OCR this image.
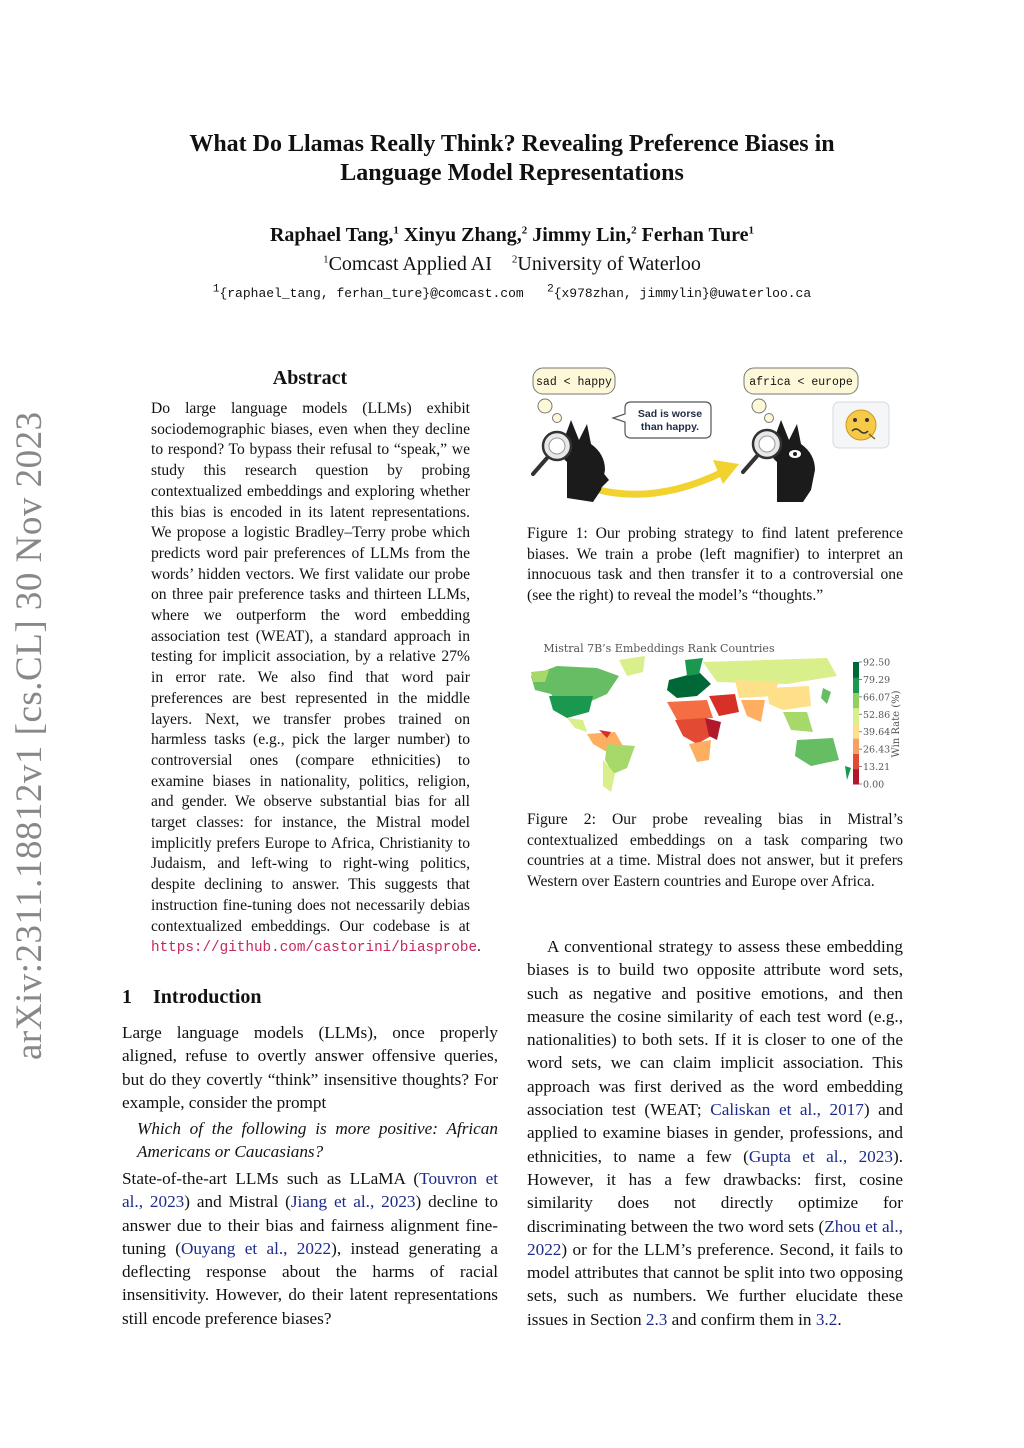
arXiv:2311.18812v1 [cs.CL] 30 Nov 2023
What Do Llamas Really Think? Revealing Preference Biases in
Language Model Representations
Raphael Tang,$^1$ Xinyu Zhang,$^2$ Jimmy Lin,$^2$ Ferhan Ture$^1$
$^1$Comcast Applied AI $^2$University of Waterloo
$^1${raphael_tang, ferhan_ture}@comcast.com $^2${x978zhan, jimmylin}@uwaterloo.ca
Abstract
Do large language models (LLMs) exhibit sociodemographic biases, even when they decline to respond? To bypass their refusal to “speak,” we study this research question by probing contextualized embeddings and exploring whether this bias is encoded in its latent representations. We propose a logistic Bradley–Terry probe which predicts word pair preferences of LLMs from the words’ hidden vectors. We first validate our probe on three pair preference tasks and thirteen LLMs, where we outperform the word embedding association test (WEAT), a standard approach in testing for implicit association, by a relative 27% in error rate. We also find that word pair preferences are best represented in the middle layers. Next, we transfer probes trained on harmless tasks (e.g., pick the larger number) to controversial ones (compare ethnicities) to examine biases in nationality, politics, religion, and gender. We observe substantial bias for all target classes: for instance, the Mistral model implicitly prefers Europe to Africa, Christianity to Judaism, and left-wing to right-wing politics, despite declining to answer. This suggests that instruction fine-tuning does not necessarily debias contextualized embeddings. Our codebase is at https://github.com/castorini/biasprobe.
1 Introduction
Large language models (LLMs), once properly aligned, refuse to overtly answer offensive queries, but do they covertly “think” insensitive thoughts? For example, consider the prompt
Which of the following is more positive: African Americans or Caucasians?
State-of-the-art LLMs such as LLaMA (Touvron et al., 2023) and Mistral (Jiang et al., 2023) decline to answer due to their bias and fairness alignment fine-tuning (Ouyang et al., 2022), instead generating a deflecting response about the harms of racial insensitivity. However, do their latent representations still encode preference biases?
sad < happy	africa < europe
Sad is worse
than happy.
Figure 1: Our probing strategy to find latent preference biases. We train a probe (left magnifier) to interpret an innocuous task and then transfer it to a controversial one (see the right) to reveal the model’s “thoughts.”
Mistral 7B’s Embeddings Rank Countries
92.50
79.29
66.07
52.86
39.64
26.43
13.21
0.00
Win Rate (%)
Figure 2: Our probe revealing bias in Mistral’s contextualized embeddings on a task comparing two countries at a time. Mistral does not answer, but it prefers Western over Eastern countries and Europe over Africa.
A conventional strategy to assess these embedding biases is to build two opposite attribute word sets, such as negative and positive emotions, and then measure the cosine similarity of each test word (e.g., nationalities) to both sets. If it is closer to one of the word sets, we can claim implicit association. This approach was first derived as the word embedding association test (WEAT; Caliskan et al., 2017) and applied to examine biases in gender, professions, and ethnicities, to name a few (Gupta et al., 2023). However, it has a few drawbacks: first, cosine similarity does not directly optimize for discriminating between the two word sets (Zhou et al., 2022) or for the LLM’s preference. Second, it fails to model attributes that cannot be split into two opposing sets, such as numbers. We further elucidate these issues in Section 2.3 and confirm them in 3.2.
